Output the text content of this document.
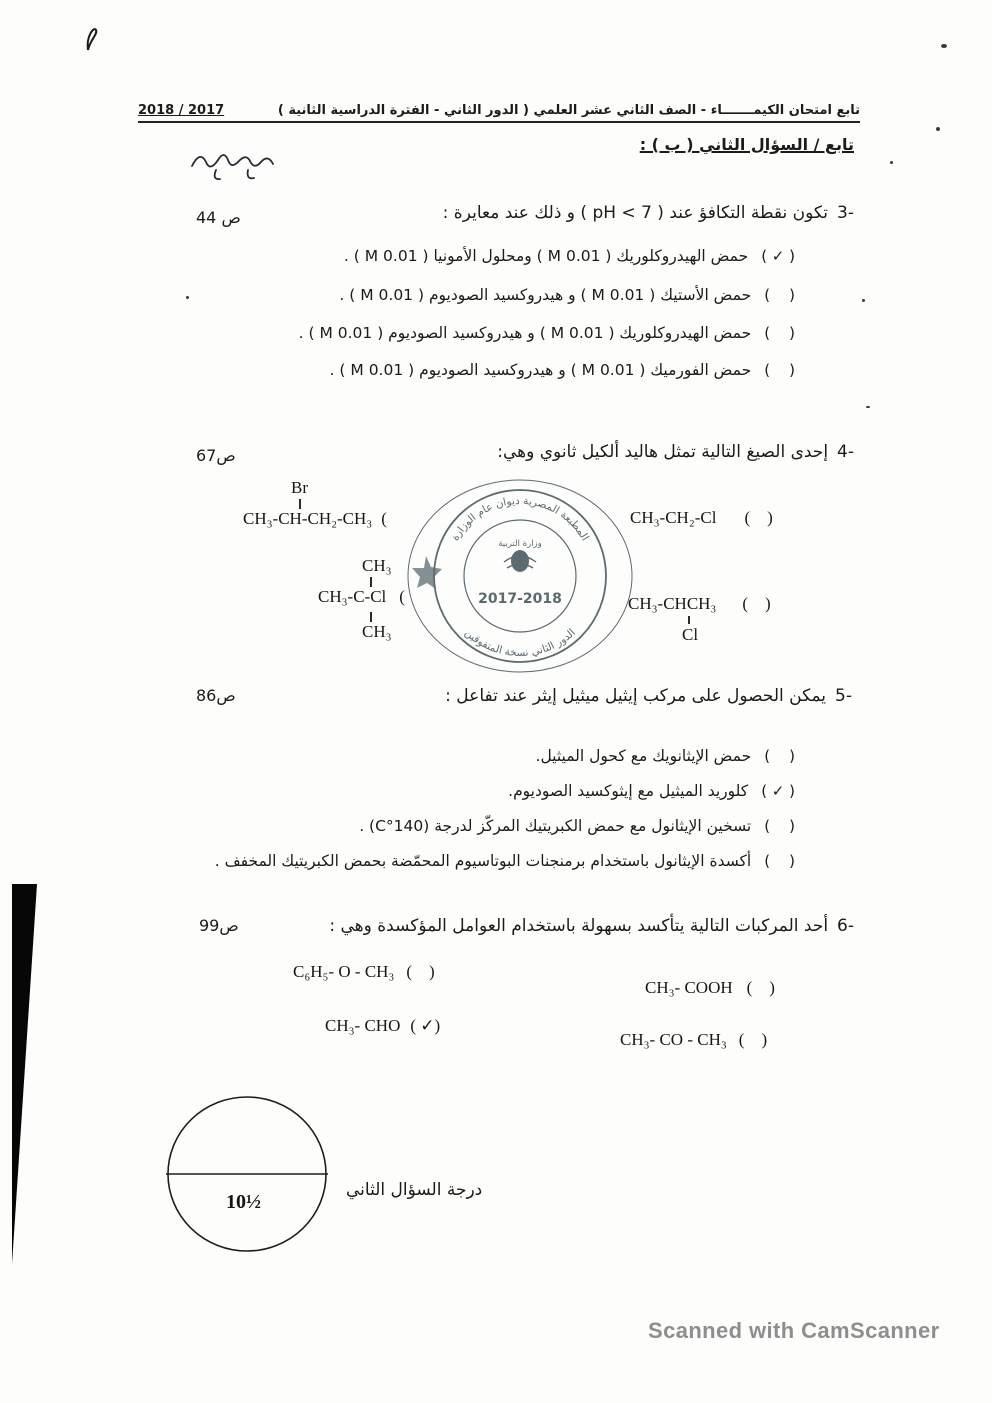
تابع امتحان الكيمـــــــاء - الصف الثاني عشر العلمي ( الدور الثاني - الفترة الدراسية الثانية )
2018 / 2017
تابع / السؤال الثاني ( ب ) :
3-
تكون نقطة التكافؤ عند ( pH < 7 ) و ذلك عند معايرة :
ص 44
( ✓ )
حمض الهيدروكلوريك ( 0.01 M ) ومحلول الأمونيا ( 0.01 M ) .
(    )
حمض الأستيك ( 0.01 M ) و هيدروكسيد الصوديوم ( 0.01 M ) .
(    )
حمض الهيدروكلوريك ( 0.01 M ) و هيدروكسيد الصوديوم ( 0.01 M ) .
(    )
حمض الفورميك ( 0.01 M ) و هيدروكسيد الصوديوم ( 0.01 M ) .
4-
إحدى الصيغ التالية تمثل هاليد ألكيل ثانوي وهي:
ص67
Br
CH₃-CH-CH₂-CH₃ (	CH₃-CH₂-Cl (    )
CH₃
CH₃-C-Cl (
CH₃
CH₃-CHCH₃ (    )
Cl
المطبعة المصرية ديوان عام الوزارة
الدور الثاني نسخة المتفوقين
وزارة التربية
2017-2018
5-
يمكن الحصول على مركب إيثيل ميثيل إيثر عند تفاعل :
ص86
(    )
حمض الإيثانويك مع كحول الميثيل.
( ✓ )
كلوريد الميثيل مع إيثوكسيد الصوديوم.
(    )
تسخين الإيثانول مع حمض الكبريتيك المركّز لدرجة (140°C) .
(    )
أكسدة الإيثانول باستخدام برمنجنات البوتاسيوم المحمّضة بحمض الكبريتيك المخفف .
6-
أحد المركبات التالية يتأكسد بسهولة باستخدام العوامل المؤكسدة وهي :
ص99
C₆H₅- O - CH₃ (    )
CH₃- COOH (    )
CH₃- CHO ( ✓)
CH₃- CO - CH₃ (    )
10½
درجة السؤال الثاني
Scanned with CamScanner
